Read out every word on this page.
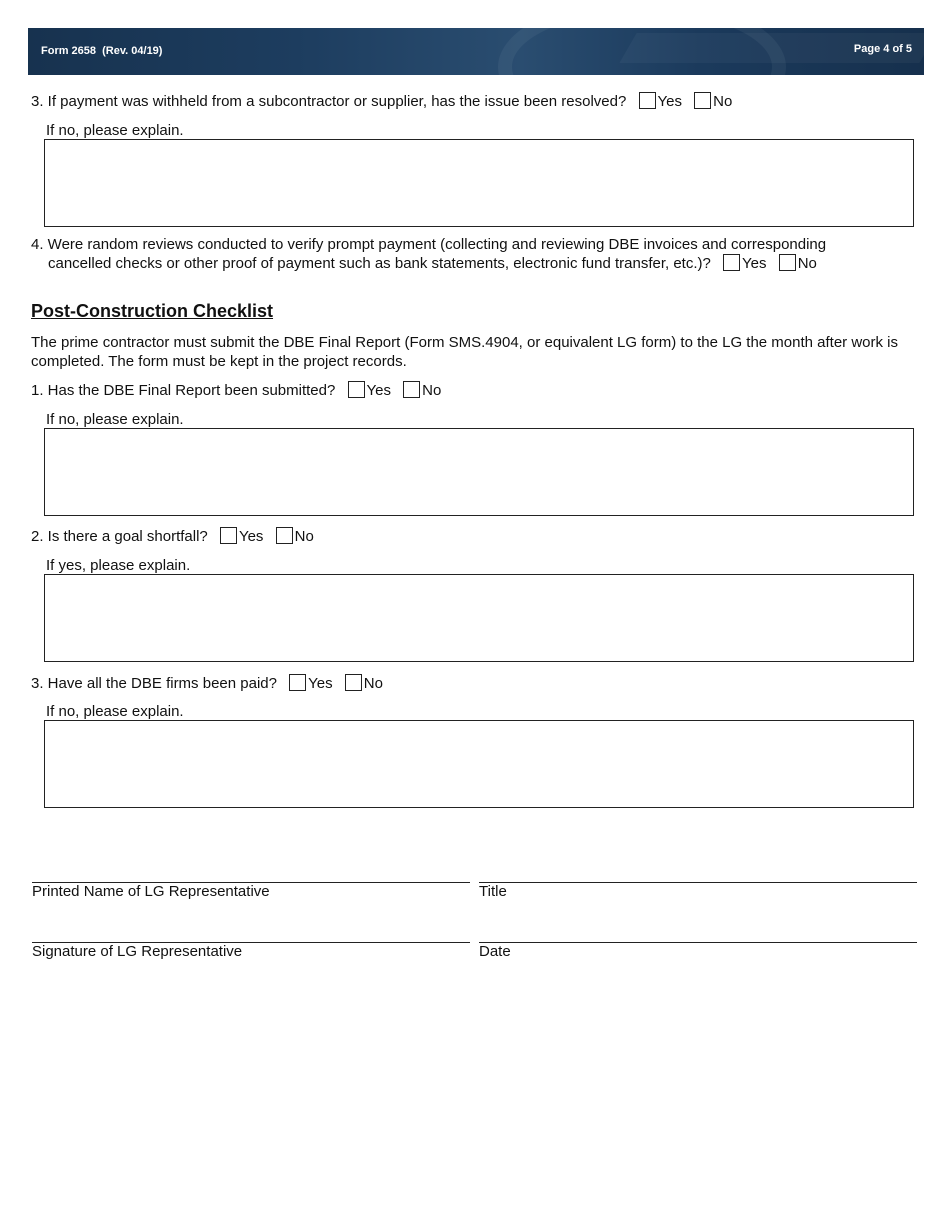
Form 2658  (Rev. 04/19)	Page 4 of 5
3. If payment was withheld from a subcontractor or supplier, has the issue been resolved? Yes No
If no, please explain.
4. Were random reviews conducted to verify prompt payment (collecting and reviewing DBE invoices and corresponding
cancelled checks or other proof of payment such as bank statements, electronic fund transfer, etc.)? Yes No
Post-Construction Checklist
The prime contractor must submit the DBE Final Report (Form SMS.4904, or equivalent LG form) to the LG the month after work is completed. The form must be kept in the project records.
1. Has the DBE Final Report been submitted? Yes No
If no, please explain.
2. Is there a goal shortfall? Yes No
If yes, please explain.
3. Have all the DBE firms been paid? Yes No
If no, please explain.
Printed Name of LG Representative	Title
Signature of LG Representative	Date
